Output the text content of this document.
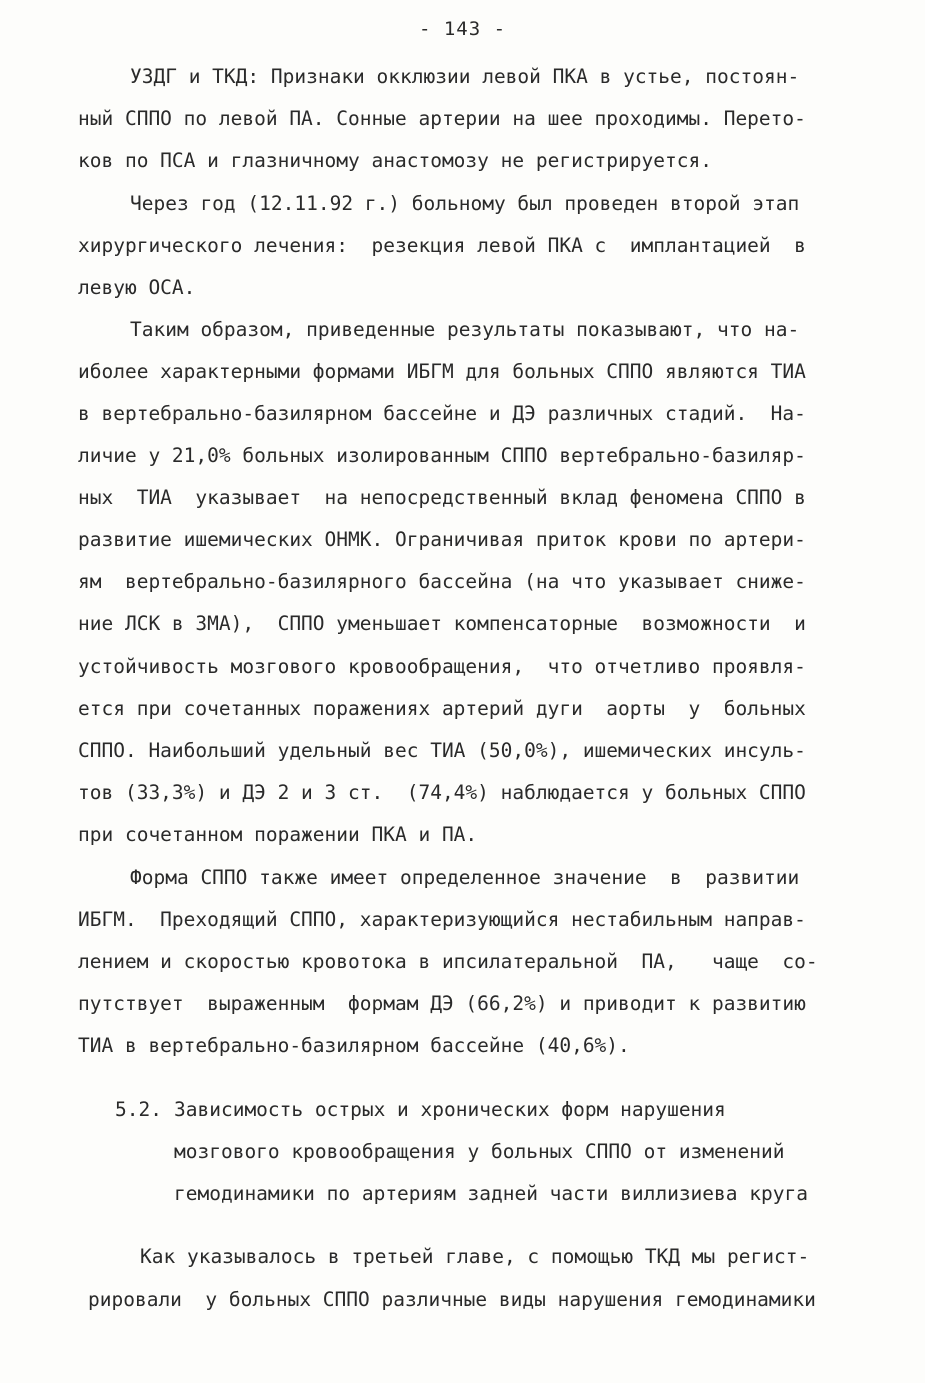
- 143 -
УЗДГ и ТКД: Признаки окклюзии левой ПКА в устье, постоян-
ный СППО по левой ПА. Сонные артерии на шее проходимы. Перето-
ков по ПСА и глазничному анастомозу не регистрируется.
Через год (12.11.92 г.) больному был проведен второй этап
хирургического лечения:  резекция левой ПКА с  имплантацией  в
левую ОСА.
Таким образом, приведенные результаты показывают, что на-
иболее характерными формами ИБГМ для больных СППО являются ТИА
в вертебрально-базилярном бассейне и ДЭ различных стадий.  На-
личие у 21,0% больных изолированным СППО вертебрально-базиляр-
ных  ТИА  указывает  на непосредственный вклад феномена СППО в
развитие ишемических ОНМК. Ограничивая приток крови по артери-
ям  вертебрально-базилярного бассейна (на что указывает сниже-
ние ЛСК в ЗМА),  СППО уменьшает компенсаторные  возможности  и
устойчивость мозгового кровообращения,  что отчетливо проявля-
ется при сочетанных поражениях артерий дуги  аорты  у  больных
СППО. Наибольший удельный вес ТИА (50,0%), ишемических инсуль-
тов (33,3%) и ДЭ 2 и 3 ст.  (74,4%) наблюдается у больных СППО
при сочетанном поражении ПКА и ПА.
Форма СППО также имеет определенное значение  в  развитии
ИБГМ.  Преходящий СППО, характеризующийся нестабильным направ-
лением и скоростью кровотока в ипсилатеральной  ПА,   чаще  со-
путствует  выраженным  формам ДЭ (66,2%) и приводит к развитию
ТИА в вертебрально-базилярном бассейне (40,6%).
5.2. Зависимость острых и хронических форм нарушения
мозгового кровообращения у больных СППО от изменений
гемодинамики по артериям задней части виллизиева круга
Как указывалось в третьей главе, с помощью ТКД мы регист-
рировали  у больных СППО различные виды нарушения гемодинамики
